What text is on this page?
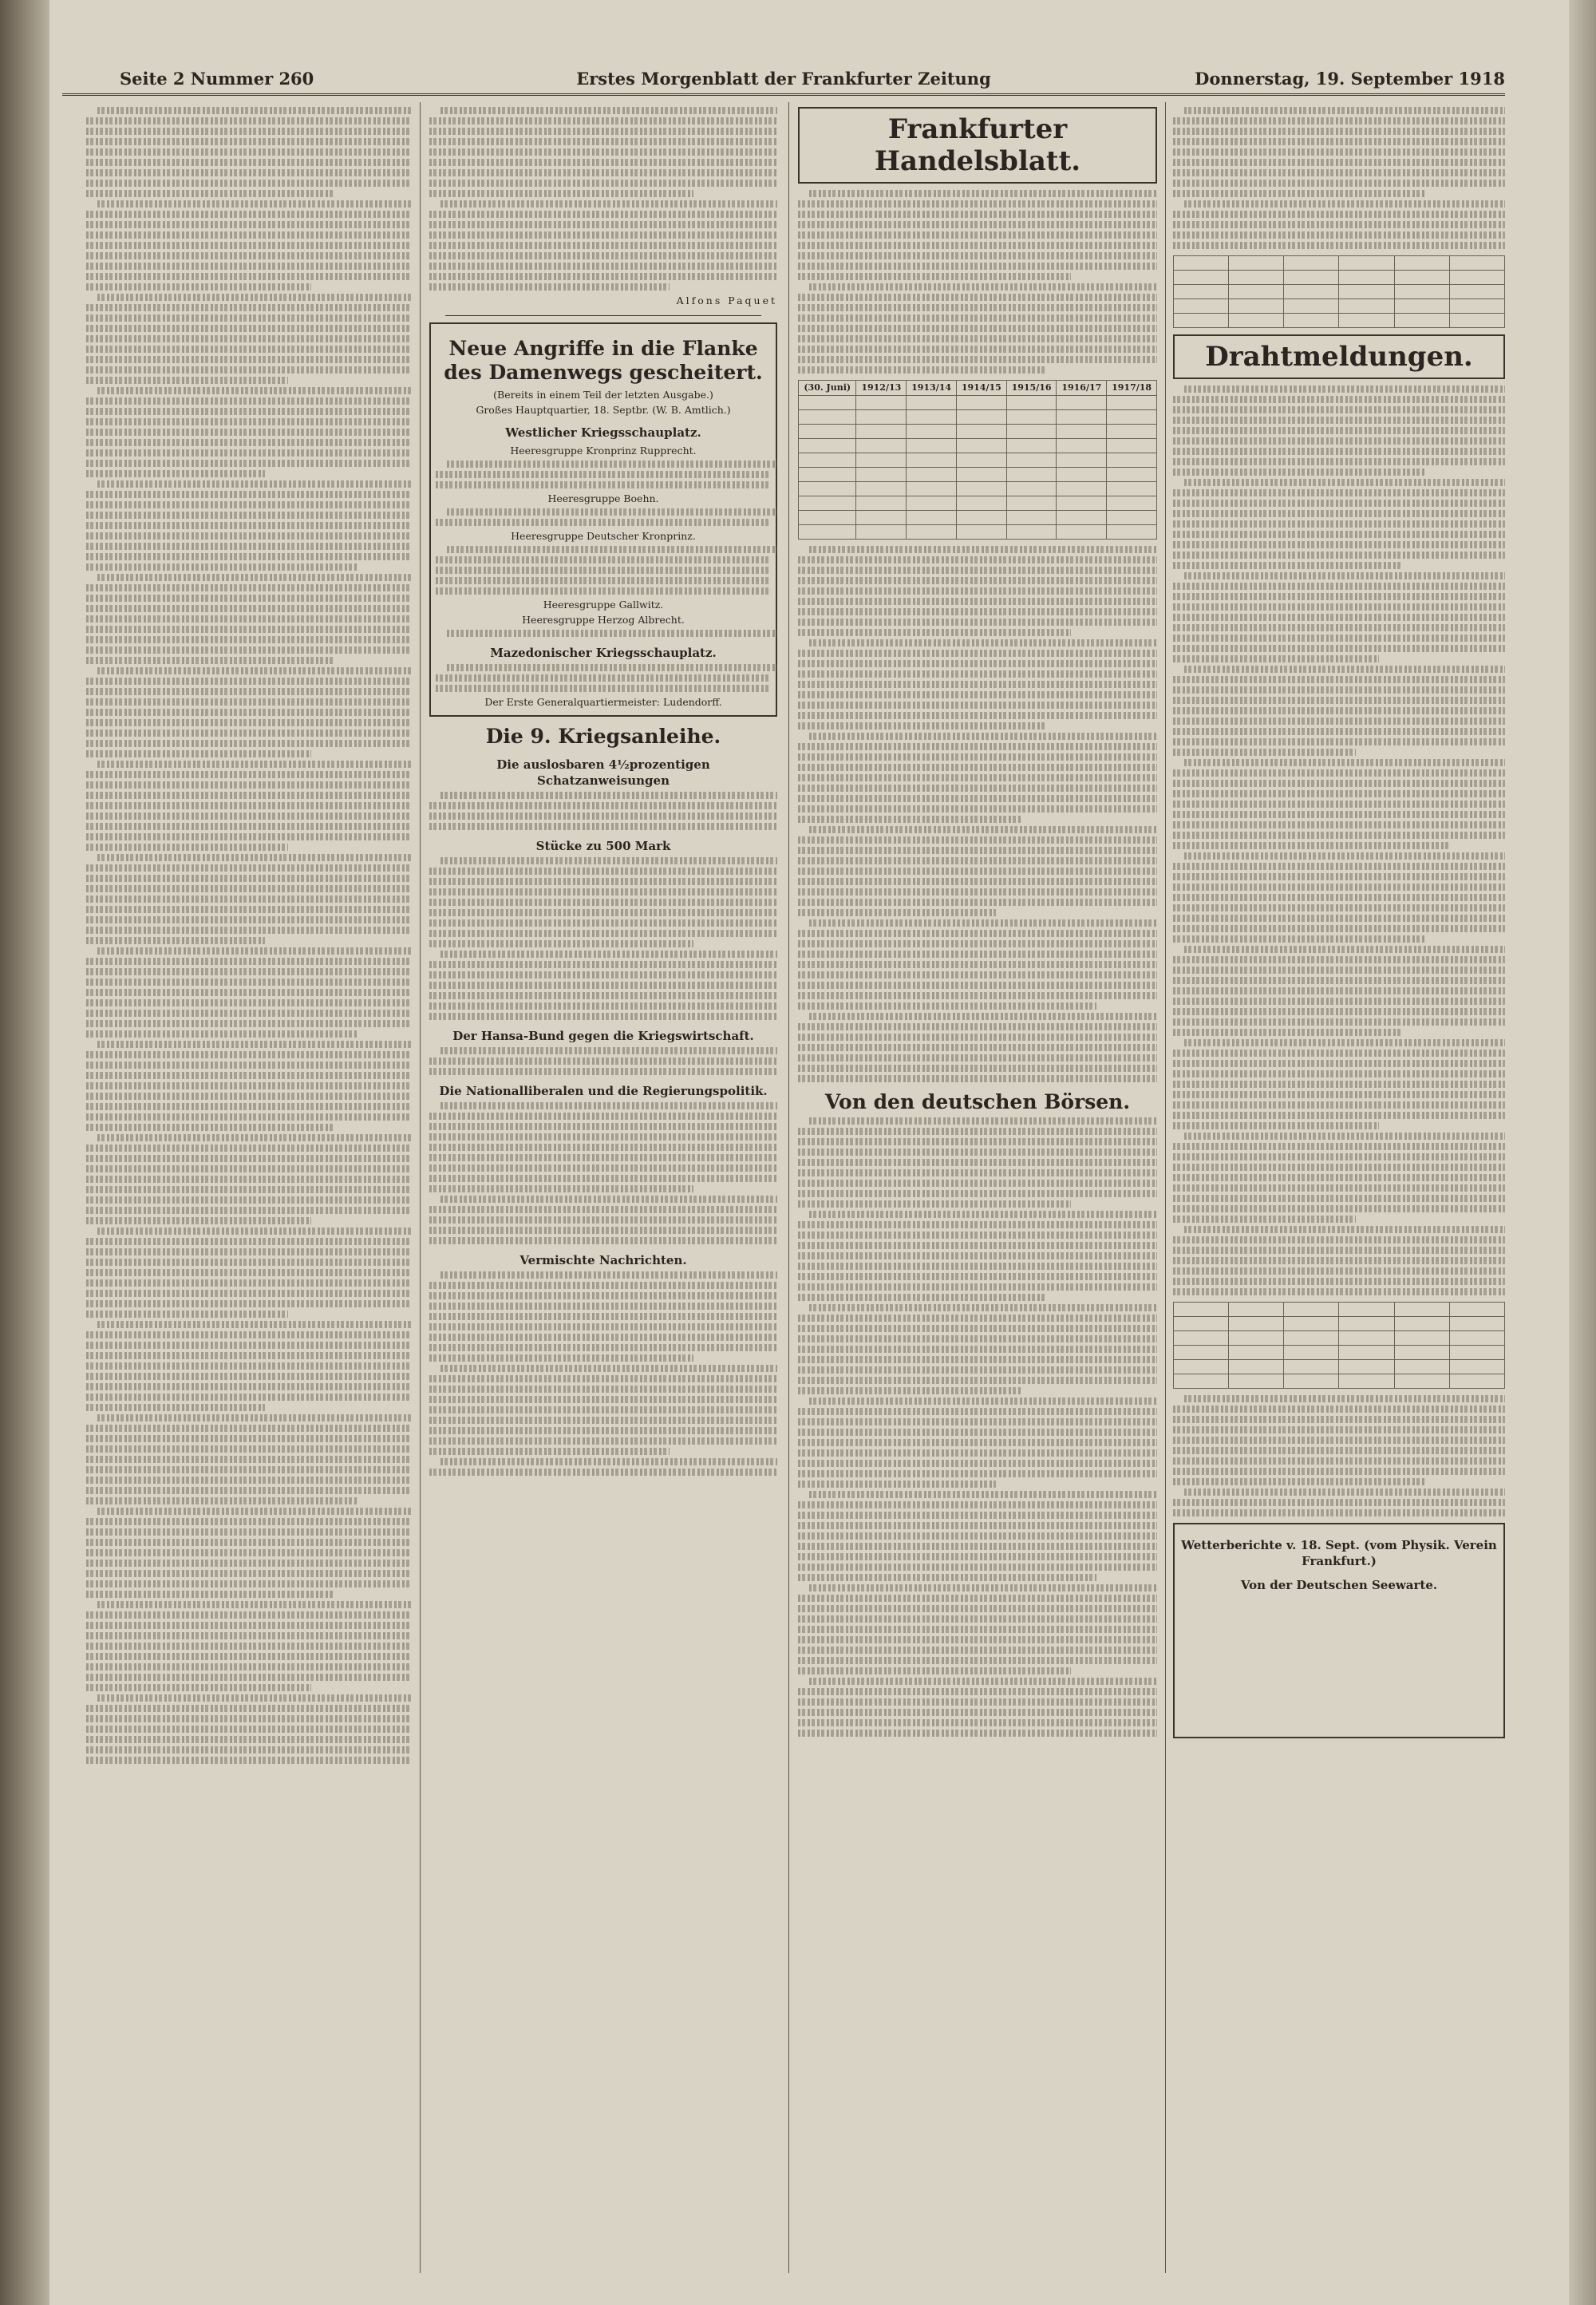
Seite 2 Nummer 260	Erstes Morgenblatt der Frankfurter Zeitung	Donnerstag, 19. September 1918
Alfons Paquet
Neue Angriffe in die Flanke des Damenwegs gescheitert.
(Bereits in einem Teil der letzten Ausgabe.)
Großes Hauptquartier, 18. Septbr. (W. B. Amtlich.)
Westlicher Kriegsschauplatz.
Heeresgruppe Kronprinz Rupprecht.
Heeresgruppe Boehn.
Heeresgruppe Deutscher Kronprinz.
Heeresgruppe Gallwitz.
Heeresgruppe Herzog Albrecht.
Mazedonischer Kriegsschauplatz.
Der Erste Generalquartiermeister: Ludendorff.
Die 9. Kriegsanleihe.
Die auslosbaren 4½prozentigen Schatzanweisungen
Stücke zu 500 Mark
Der Hansa-Bund gegen die Kriegswirtschaft.
Die Nationalliberalen und die Regierungspolitik.
Vermischte Nachrichten.
Frankfurter Handelsblatt.
(30. Juni)	1912/13	1913/14	1914/15	1915/16	1916/17	1917/18

Von den deutschen Börsen.

Drahtmeldungen.

Wetterberichte v. 18. Sept. (vom Physik. Verein Frankfurt.)
Von der Deutschen Seewarte.
